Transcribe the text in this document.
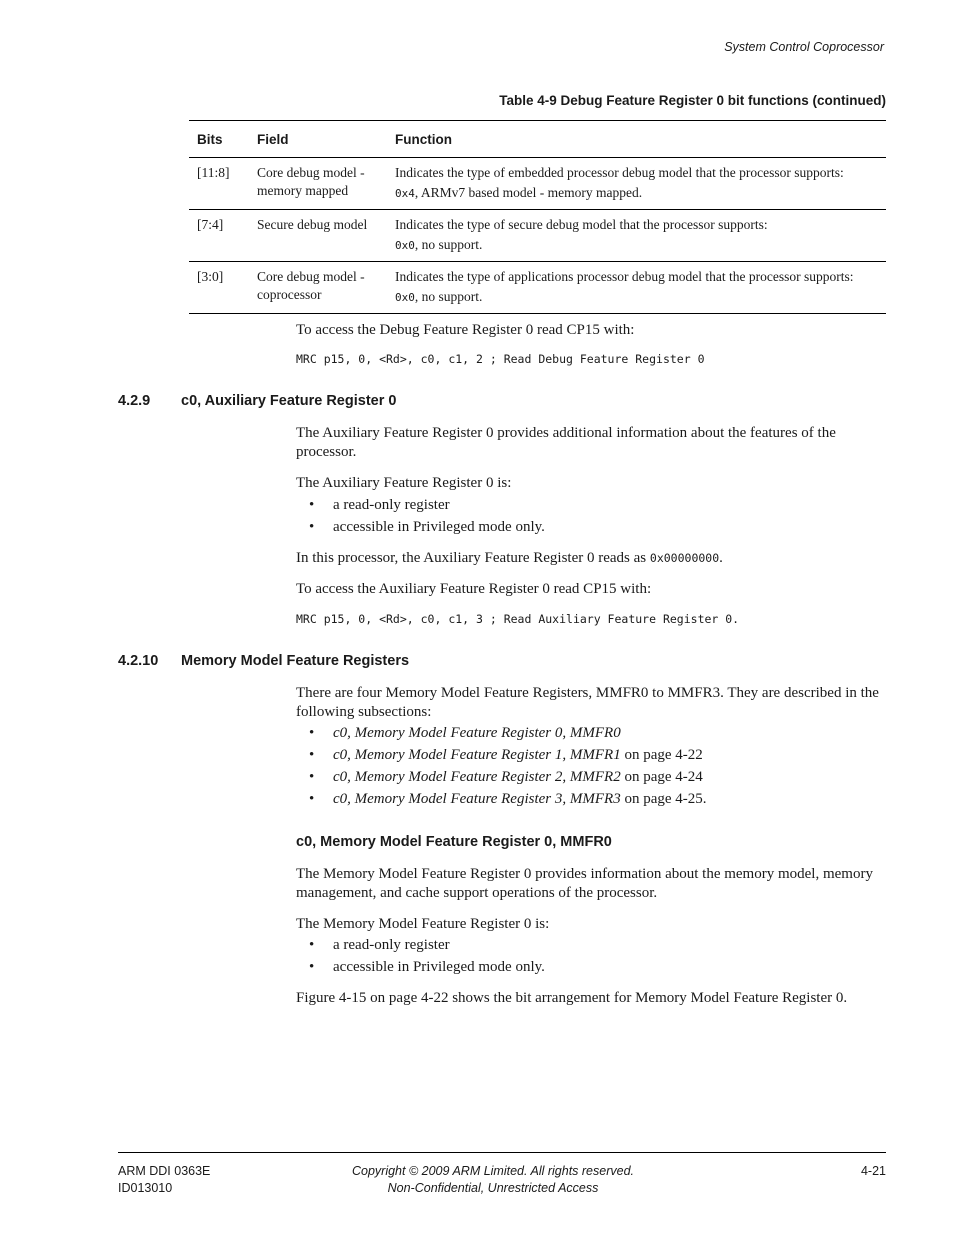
System Control Coprocessor
Table 4-9 Debug Feature Register 0 bit functions (continued)
Bits	Field	Function
[11:8]	Core debug model - memory mapped	Indicates the type of embedded processor debug model that the processor supports:
0x4, ARMv7 based model - memory mapped.

[7:4]	Secure debug model	Indicates the type of secure debug model that the processor supports:
0x0, no support.

[3:0]	Core debug model - coprocessor	Indicates the type of applications processor debug model that the processor supports:
0x0, no support.
To access the Debug Feature Register 0 read CP15 with:
MRC p15, 0, <Rd>, c0, c1, 2 ; Read Debug Feature Register 0
4.2.9 c0, Auxiliary Feature Register 0
The Auxiliary Feature Register 0 provides additional information about the features of the processor.
The Auxiliary Feature Register 0 is:
• a read-only register
• accessible in Privileged mode only.
In this processor, the Auxiliary Feature Register 0 reads as 0x00000000.
To access the Auxiliary Feature Register 0 read CP15 with:
MRC p15, 0, <Rd>, c0, c1, 3 ; Read Auxiliary Feature Register 0.
4.2.10 Memory Model Feature Registers
There are four Memory Model Feature Registers, MMFR0 to MMFR3. They are described in the following subsections:
• c0, Memory Model Feature Register 0, MMFR0
• c0, Memory Model Feature Register 1, MMFR1 on page 4-22
• c0, Memory Model Feature Register 2, MMFR2 on page 4-24
• c0, Memory Model Feature Register 3, MMFR3 on page 4-25.
c0, Memory Model Feature Register 0, MMFR0
The Memory Model Feature Register 0 provides information about the memory model, memory management, and cache support operations of the processor.
The Memory Model Feature Register 0 is:
• a read-only register
• accessible in Privileged mode only.
Figure 4-15 on page 4-22 shows the bit arrangement for Memory Model Feature Register 0.
ARM DDI 0363E
ID013010
Copyright © 2009 ARM Limited. All rights reserved.
Non-Confidential, Unrestricted Access
4-21
